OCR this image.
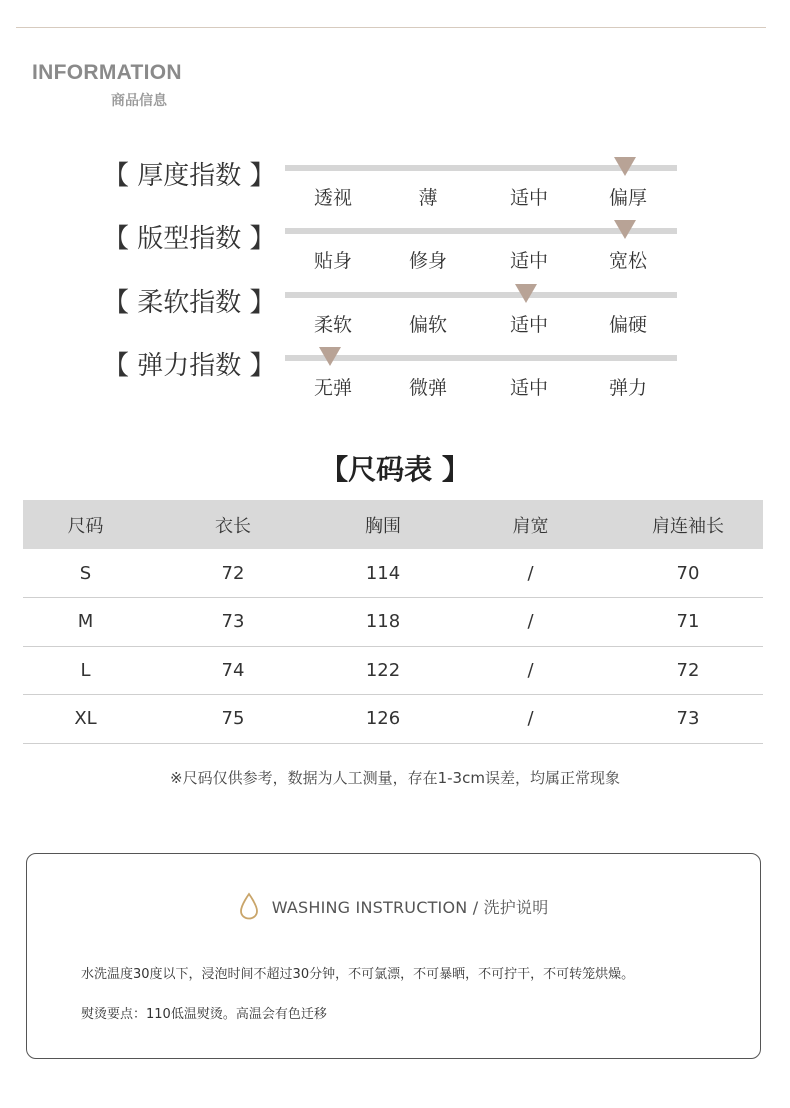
INFORMATION
商品信息
【 厚度指数 】
透视	薄	适中	偏厚
【 版型指数 】
贴身	修身	适中	宽松
【 柔软指数 】
柔软	偏软	适中	偏硬
【 弹力指数 】
无弹	微弹	适中	弹力
【尺码表 】
尺码	衣长	胸围	肩宽	肩连袖长
S	72	114	/	70
M	73	118	/	71
L	74	122	/	72
XL	75	126	/	73
※尺码仅供参考，数据为人工测量，存在1-3cm误差，均属正常现象
WASHING INSTRUCTION / 洗护说明
水洗温度30度以下，浸泡时间不超过30分钟，不可氯漂，不可暴晒，不可拧干，不可转笼烘燥。
熨烫要点：110低温熨烫。高温会有色迁移
